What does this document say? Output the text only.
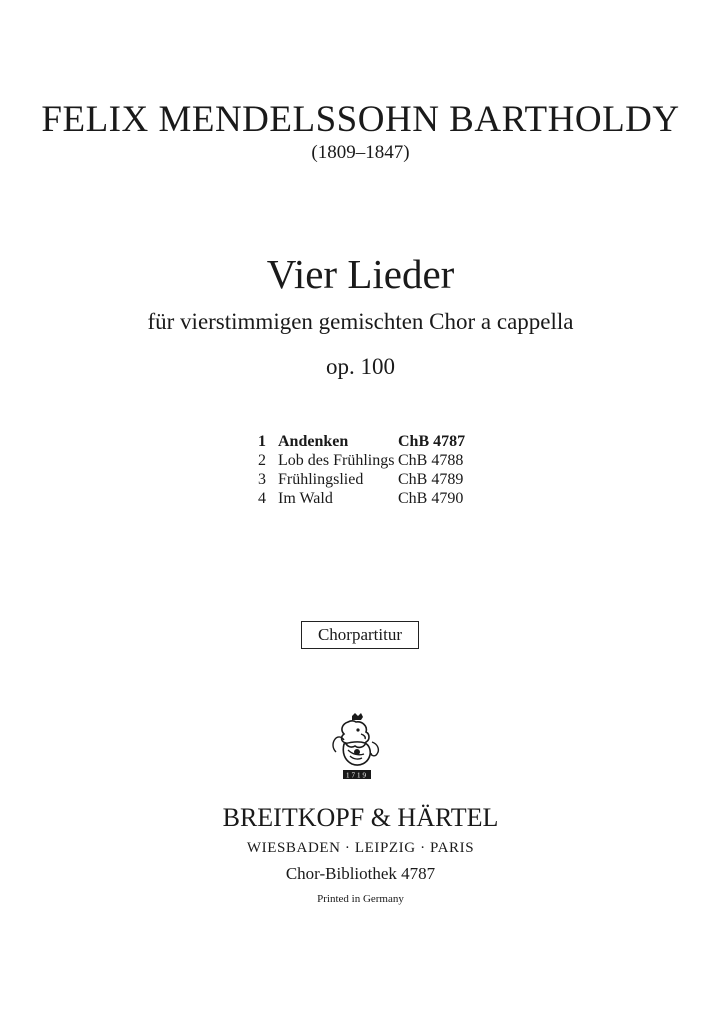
FELIX MENDELSSOHN BARTHOLDY
(1809–1847)
Vier Lieder
für vierstimmigen gemischten Chor a cappella
op. 100
1 Andenken	ChB 4787
2 Lob des Frühlings ChB 4788
3 Frühlingslied	ChB 4789
4 Im Wald	ChB 4790
Chorpartitur
1719
BREITKOPF & HÄRTEL
WIESBADEN · LEIPZIG · PARIS
Chor-Bibliothek 4787
Printed in Germany
